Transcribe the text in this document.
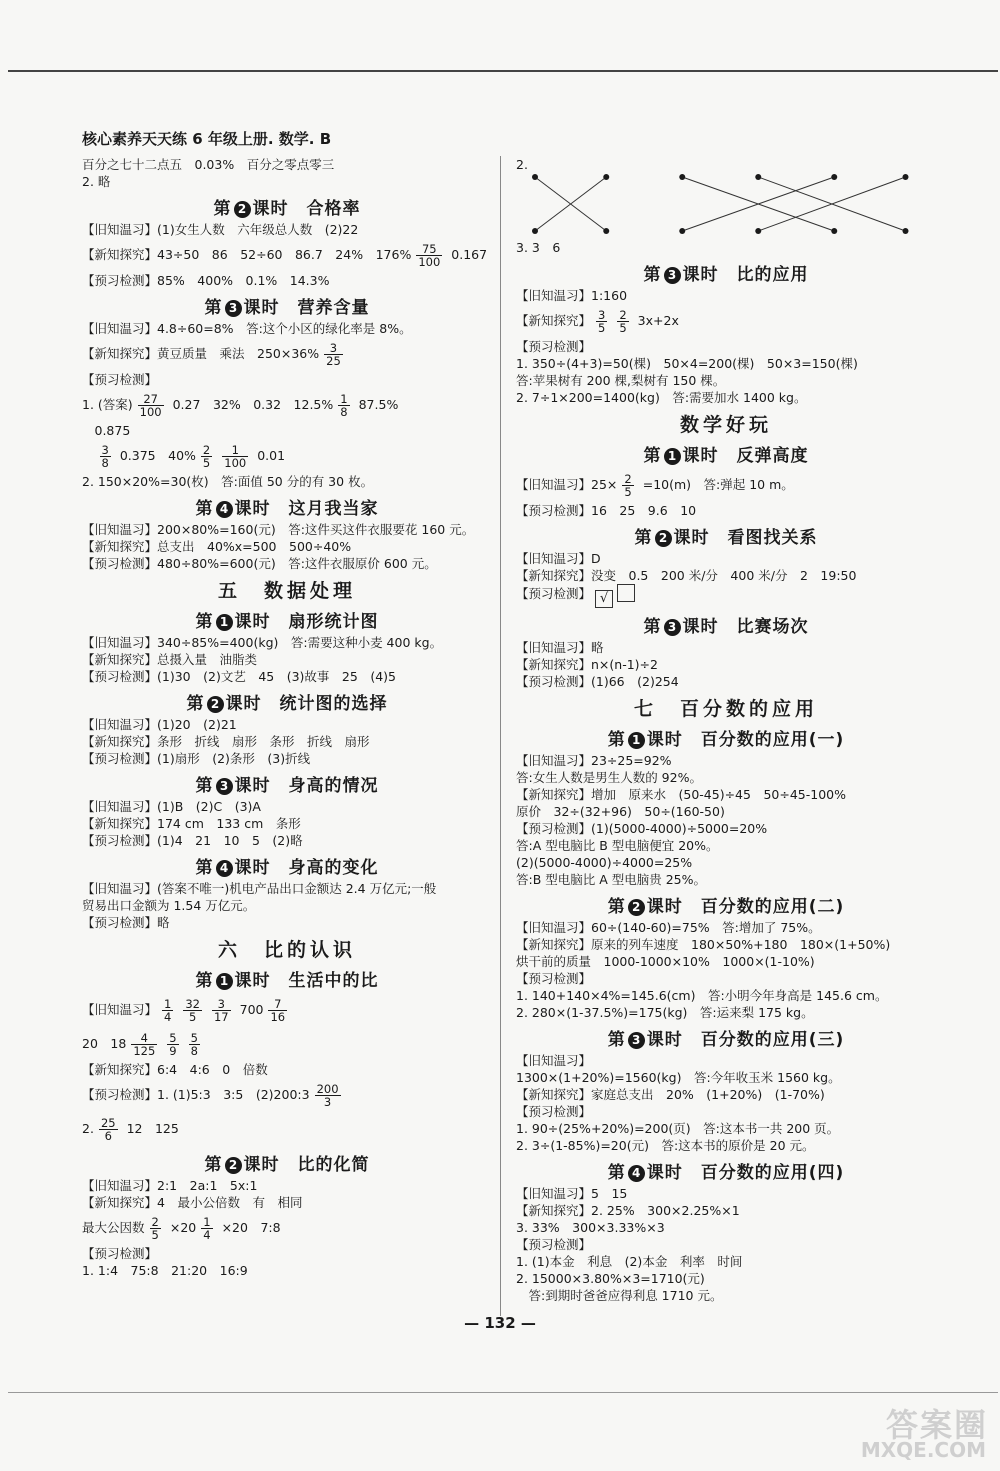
核心素养天天练 6 年级上册. 数学. B
百分之七十二点五　0.03%　百分之零点零三
2. 略
第 2 课时　合格率
【旧知温习】(1)女生人数　六年级总人数　(2)22
【新知探究】43÷50　86　52÷60　86.7　24%　$176\% \frac{75}{100} 0.167$
【预习检测】85%　400%　0.1%　14.3%
第 3 课时　营养含量
【旧知温习】4.8÷60=8%　答:这个小区的绿化率是 8%。
【新知探究】黄豆质量　乘法　$250\times 36\% \frac{3}{25}$
【预习检测】
1. (答案) $\frac{27}{100} 0.27$　32%　0.32　$12.5\% \frac{1}{8} 87.5\%$
　0.875

$\frac{3}{8} 0.375$　$40\% \frac{2}{5} \frac{1}{100} 0.01$
2. 150×20%=30(枚)　答:面值 50 分的有 30 枚。
第 4 课时　这月我当家
【旧知温习】200×80%=160(元)　答:这件买这件衣服要花 160 元。
【新知探究】总支出　40%x=500　500÷40%
【预习检测】480÷80%=600(元)　答:这件衣服原价 600 元。
五　数据处理
第 1 课时　扇形统计图
【旧知温习】340÷85%=400(kg)　答:需要这种小麦 400 kg。
【新知探究】总摄入量　油脂类
【预习检测】(1)30　(2)文艺　45　(3)故事　25　(4)5
第 2 课时　统计图的选择
【旧知温习】(1)20　(2)21
【新知探究】条形　折线　扇形　条形　折线　扇形
【预习检测】(1)扇形　(2)条形　(3)折线
第 3 课时　身高的情况
【旧知温习】(1)B　(2)C　(3)A
【新知探究】174 cm　133 cm　条形
【预习检测】(1)4　21　10　5　(2)略
第 4 课时　身高的变化
【旧知温习】(答案不唯一)机电产品出口金额达 2.4 万亿元;一般
贸易出口金额为 1.54 万亿元。
【预习检测】略
六　比的认识
第 1 课时　生活中的比
【旧知温习】 $\frac{1}{4} \frac{32}{5} \frac{3}{17} 700 \frac{7}{16}$
20　$18 \frac{4}{125} \frac{5}{9} \frac{5}{8}$
【新知探究】6:4　4:6　0　倍数
【预习检测】1. (1)5:3　3:5　(2)200:3 $\frac{200}{3}$
2. $\frac{25}{6} 12$　125
第 2 课时　比的化简
【旧知温习】2:1　2a:1　5x:1
【新知探究】4　最小公倍数　有　相同
最大公因数 $\frac{2}{5} \times 20 \frac{1}{4} \times 20$　7:8
【预习检测】
1. 1:4　75:8　21:20　16:9
2.
3. 3　6
第 3 课时　比的应用
【旧知温习】1:160
【新知探究】 $\frac{3}{5} \frac{2}{5} 3x+2x$
【预习检测】
1. 350÷(4+3)=50(棵)　50×4=200(棵)　50×3=150(棵)
答:苹果树有 200 棵,梨树有 150 棵。
2. 7÷1×200=1400(kg)　答:需要加水 1400 kg。
数学好玩
第 1 课时　反弹高度
【旧知温习】$25\times \frac{2}{5} =10(m)$　答:弹起 10 m。
【预习检测】16　25　9.6　10
第 2 课时　看图找关系
【旧知温习】D
【新知探究】没变　0.5　200 米/分　400 米/分　2　19:50
【预习检测】 √
第 3 课时　比赛场次
【旧知温习】略
【新知探究】n×(n-1)÷2
【预习检测】(1)66　(2)254
七　百分数的应用
第 1 课时　百分数的应用(一)
【旧知温习】23÷25=92%
答:女生人数是男生人数的 92%。
【新知探究】增加　原来水　(50-45)÷45　50÷45-100%
原价　32÷(32+96)　50÷(160-50)
【预习检测】(1)(5000-4000)÷5000=20%
答:A 型电脑比 B 型电脑便宜 20%。
(2)(5000-4000)÷4000=25%
答:B 型电脑比 A 型电脑贵 25%。
第 2 课时　百分数的应用(二)
【旧知温习】60÷(140-60)=75%　答:增加了 75%。
【新知探究】原来的列车速度　180×50%+180　180×(1+50%)
烘干前的质量　1000-1000×10%　1000×(1-10%)
【预习检测】
1. 140+140×4%=145.6(cm)　答:小明今年身高是 145.6 cm。
2. 280×(1-37.5%)=175(kg)　答:运来梨 175 kg。
第 3 课时　百分数的应用(三)
【旧知温习】
1300×(1+20%)=1560(kg)　答:今年收玉米 1560 kg。
【新知探究】家庭总支出　20%　(1+20%)　(1-70%)
【预习检测】
1. 90÷(25%+20%)=200(页)　答:这本书一共 200 页。
2. 3÷(1-85%)=20(元)　答:这本书的原价是 20 元。
第 4 课时　百分数的应用(四)
【旧知温习】5　15
【新知探究】2. 25%　300×2.25%×1
3. 33%　300×3.33%×3
【预习检测】
1. (1)本金　利息　(2)本金　利率　时间
2. 15000×3.80%×3=1710(元)
　答:到期时爸爸应得利息 1710 元。
— 132 —
答案圈
MXQE.COM
